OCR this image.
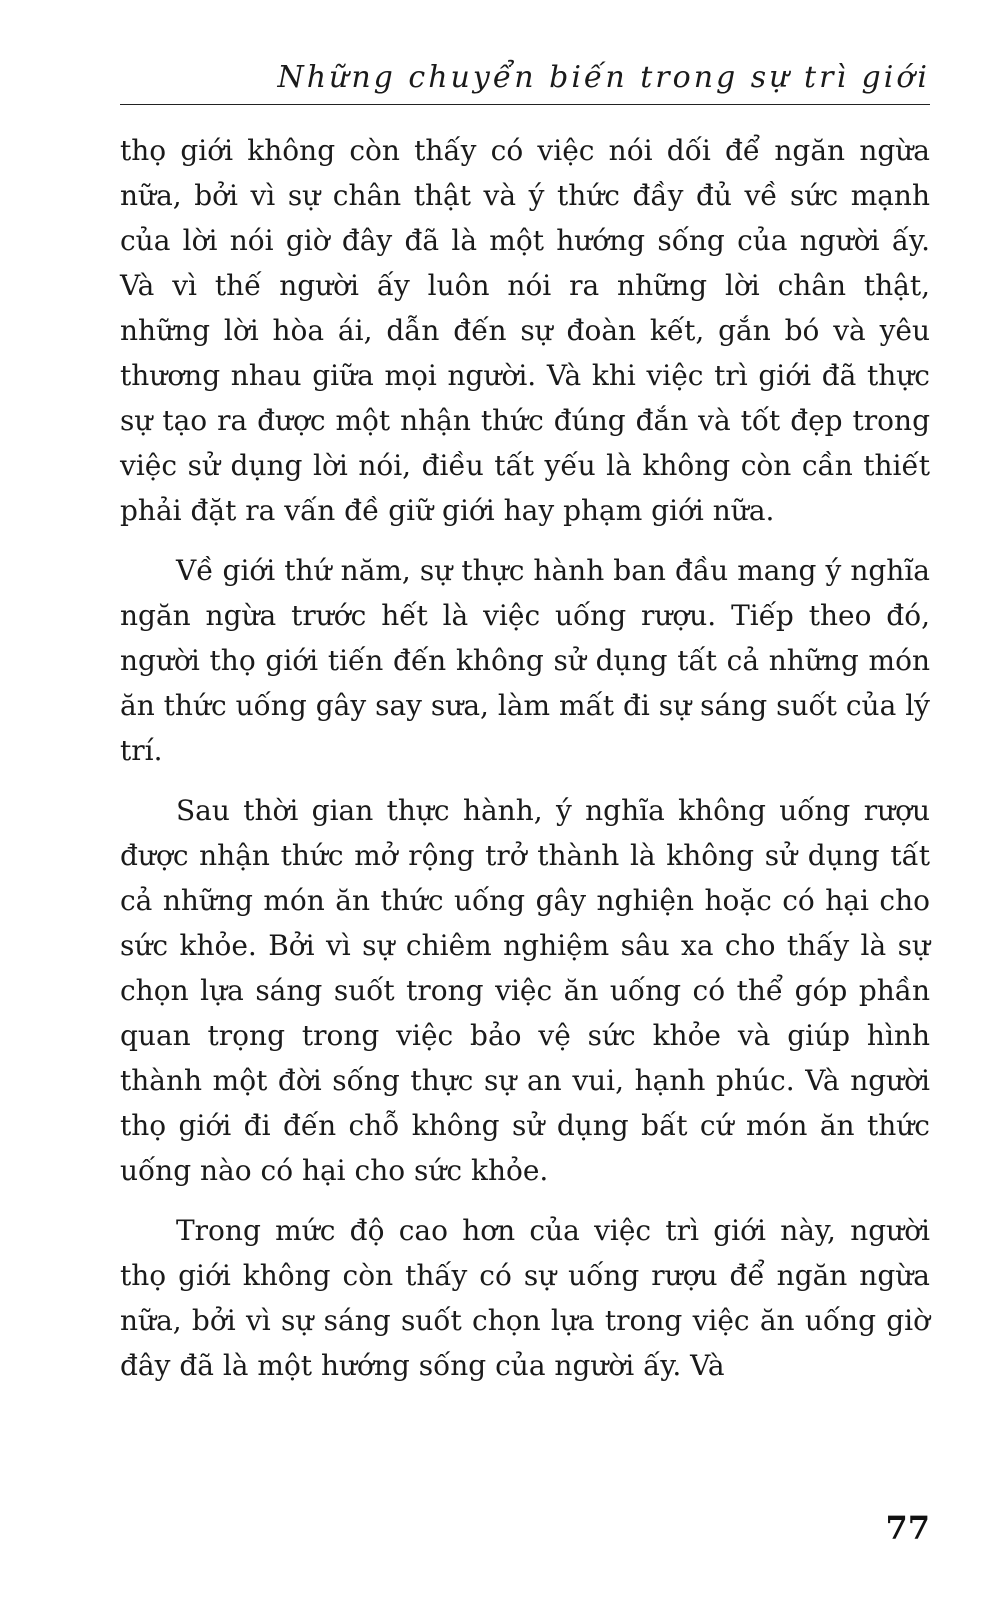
Những chuyển biến trong sự trì giới

thọ giới không còn thấy có việc nói dối để ngăn ngừa nữa, bởi vì sự chân thật và ý thức đầy đủ về sức mạnh của lời nói giờ đây đã là một hướng sống của người ấy. Và vì thế người ấy luôn nói ra những lời chân thật, những lời hòa ái, dẫn đến sự đoàn kết, gắn bó và yêu thương nhau giữa mọi người. Và khi việc trì giới đã thực sự tạo ra được một nhận thức đúng đắn và tốt đẹp trong việc sử dụng lời nói, điều tất yếu là không còn cần thiết phải đặt ra vấn đề giữ giới hay phạm giới nữa.

Về giới thứ năm, sự thực hành ban đầu mang ý nghĩa ngăn ngừa trước hết là việc uống rượu. Tiếp theo đó, người thọ giới tiến đến không sử dụng tất cả những món ăn thức uống gây say sưa, làm mất đi sự sáng suốt của lý trí.

Sau thời gian thực hành, ý nghĩa không uống rượu được nhận thức mở rộng trở thành là không sử dụng tất cả những món ăn thức uống gây nghiện hoặc có hại cho sức khỏe. Bởi vì sự chiêm nghiệm sâu xa cho thấy là sự chọn lựa sáng suốt trong việc ăn uống có thể góp phần quan trọng trong việc bảo vệ sức khỏe và giúp hình thành một đời sống thực sự an vui, hạnh phúc. Và người thọ giới đi đến chỗ không sử dụng bất cứ món ăn thức uống nào có hại cho sức khỏe.

Trong mức độ cao hơn của việc trì giới này, người thọ giới không còn thấy có sự uống rượu để ngăn ngừa nữa, bởi vì sự sáng suốt chọn lựa trong việc ăn uống giờ đây đã là một hướng sống của người ấy. Và

77
